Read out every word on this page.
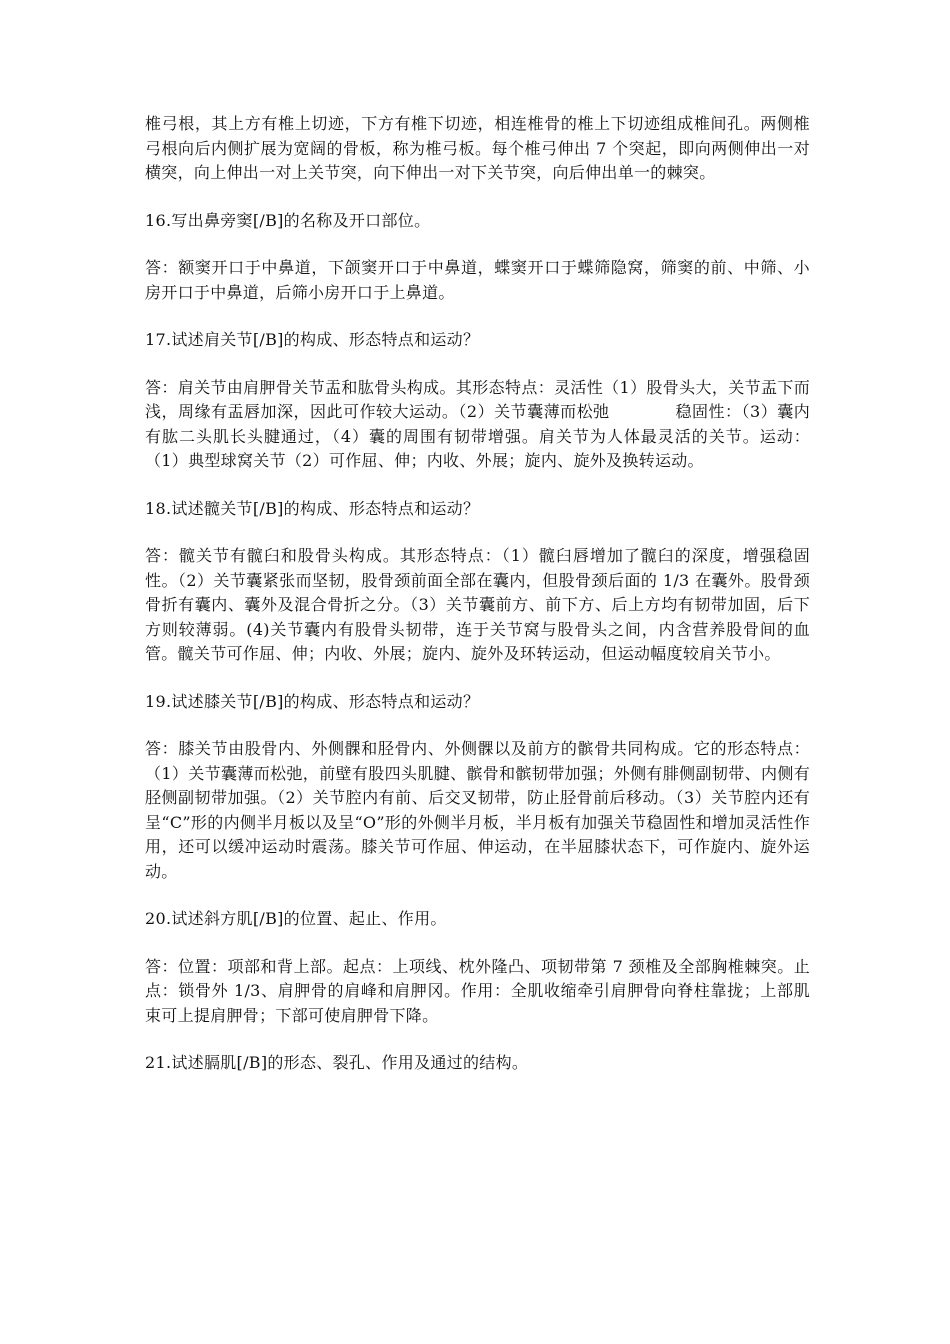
椎弓根，其上方有椎上切迹，下方有椎下切迹，相连椎骨的椎上下切迹组成椎间孔。两侧椎弓根向后内侧扩展为宽阔的骨板，称为椎弓板。每个椎弓伸出 7 个突起，即向两侧伸出一对横突，向上伸出一对上关节突，向下伸出一对下关节突，向后伸出单一的棘突。

16.写出鼻旁窦[/B]的名称及开口部位。

答：额窦开口于中鼻道，下颌窦开口于中鼻道，蝶窦开口于蝶筛隐窝，筛窦的前、中筛、小房开口于中鼻道，后筛小房开口于上鼻道。

17.试述肩关节[/B]的构成、形态特点和运动？

答：肩关节由肩胛骨关节盂和肱骨头构成。其形态特点：灵活性（1）股骨头大，关节盂下而浅，周缘有盂唇加深，因此可作较大运动。（2）关节囊薄而松弛　　　　稳固性：（3）囊内有肱二头肌长头腱通过，（4）囊的周围有韧带增强。肩关节为人体最灵活的关节。运动：（1）典型球窝关节（2）可作屈、伸；内收、外展；旋内、旋外及换转运动。

18.试述髋关节[/B]的构成、形态特点和运动？

答：髋关节有髋臼和股骨头构成。其形态特点：（1）髋臼唇增加了髋臼的深度，增强稳固性。（2）关节囊紧张而坚韧，股骨颈前面全部在囊内，但股骨颈后面的 1/3 在囊外。股骨颈骨折有囊内、囊外及混合骨折之分。（3）关节囊前方、前下方、后上方均有韧带加固，后下方则较薄弱。(4)关节囊内有股骨头韧带，连于关节窝与股骨头之间，内含营养股骨间的血管。髋关节可作屈、伸；内收、外展；旋内、旋外及环转运动，但运动幅度较肩关节小。

19.试述膝关节[/B]的构成、形态特点和运动？

答：膝关节由股骨内、外侧髁和胫骨内、外侧髁以及前方的髌骨共同构成。它的形态特点：（1）关节囊薄而松弛，前壁有股四头肌腱、髌骨和髌韧带加强；外侧有腓侧副韧带、内侧有胫侧副韧带加强。（2）关节腔内有前、后交叉韧带，防止胫骨前后移动。（3）关节腔内还有呈“C”形的内侧半月板以及呈“O”形的外侧半月板，半月板有加强关节稳固性和增加灵活性作用，还可以缓冲运动时震荡。膝关节可作屈、伸运动，在半屈膝状态下，可作旋内、旋外运动。

20.试述斜方肌[/B]的位置、起止、作用。

答：位置：项部和背上部。起点：上项线、枕外隆凸、项韧带第 7 颈椎及全部胸椎棘突。止点：锁骨外 1/3、肩胛骨的肩峰和肩胛冈。作用：全肌收缩牵引肩胛骨向脊柱靠拢；上部肌束可上提肩胛骨；下部可使肩胛骨下降。

21.试述膈肌[/B]的形态、裂孔、作用及通过的结构。
